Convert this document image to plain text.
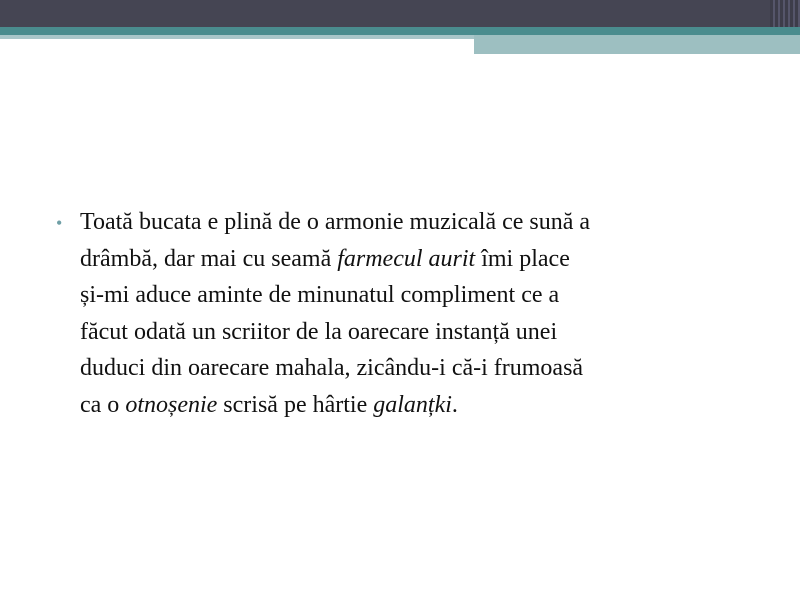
• Toată bucata e plină de o armonie muzicală ce sună a
drâmbă, dar mai cu seamă farmecul aurit îmi place
și-mi aduce aminte de minunatul compliment ce a
făcut odată un scriitor de la oarecare instanță unei
duduci din oarecare mahala, zicându-i că-i frumoasă
ca o otnoșenie scrisă pe hârtie galanțki.
